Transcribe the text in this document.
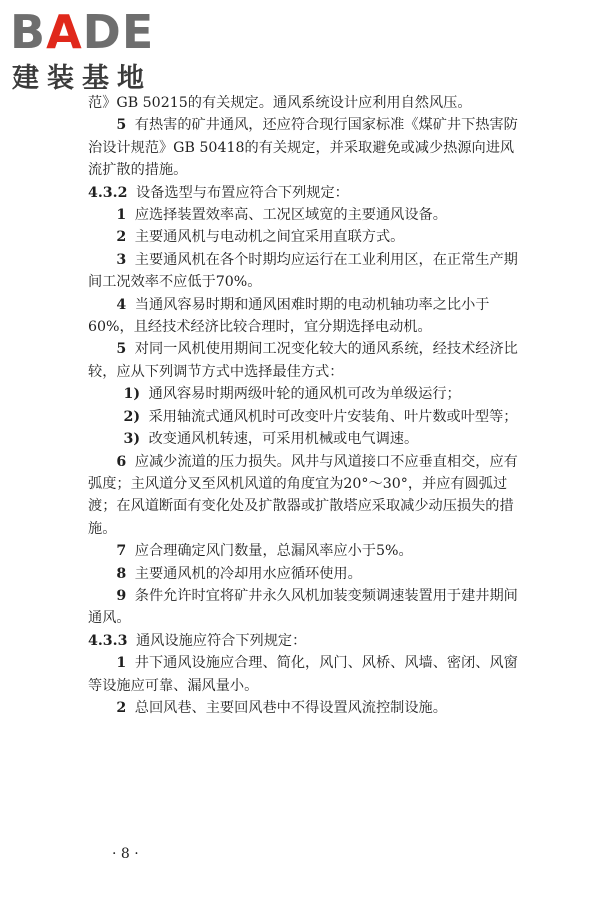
BADE
建装基地

范》GB 50215的有关规定。通风系统设计应利用自然风压。

5 有热害的矿井通风，还应符合现行国家标准《煤矿井下热害防治设计规范》GB 50418的有关规定，并采取避免或减少热源向进风流扩散的措施。

4.3.2 设备选型与布置应符合下列规定：

1 应选择装置效率高、工况区域宽的主要通风设备。

2 主要通风机与电动机之间宜采用直联方式。

3 主要通风机在各个时期均应运行在工业利用区，在正常生产期间工况效率不应低于70%。

4 当通风容易时期和通风困难时期的电动机轴功率之比小于60%，且经技术经济比较合理时，宜分期选择电动机。

5 对同一风机使用期间工况变化较大的通风系统，经技术经济比较，应从下列调节方式中选择最佳方式：

1) 通风容易时期两级叶轮的通风机可改为单级运行；

2) 采用轴流式通风机时可改变叶片安装角、叶片数或叶型等；

3) 改变通风机转速，可采用机械或电气调速。

6 应减少流道的压力损失。风井与风道接口不应垂直相交，应有弧度；主风道分叉至风机风道的角度宜为20°～30°，并应有圆弧过渡；在风道断面有变化处及扩散器或扩散塔应采取减少动压损失的措施。

7 应合理确定风门数量，总漏风率应小于5%。

8 主要通风机的冷却用水应循环使用。

9 条件允许时宜将矿井永久风机加装变频调速装置用于建井期间通风。

4.3.3 通风设施应符合下列规定：

1 井下通风设施应合理、简化，风门、风桥、风墙、密闭、风窗等设施应可靠、漏风量小。

2 总回风巷、主要回风巷中不得设置风流控制设施。

· 8 ·
